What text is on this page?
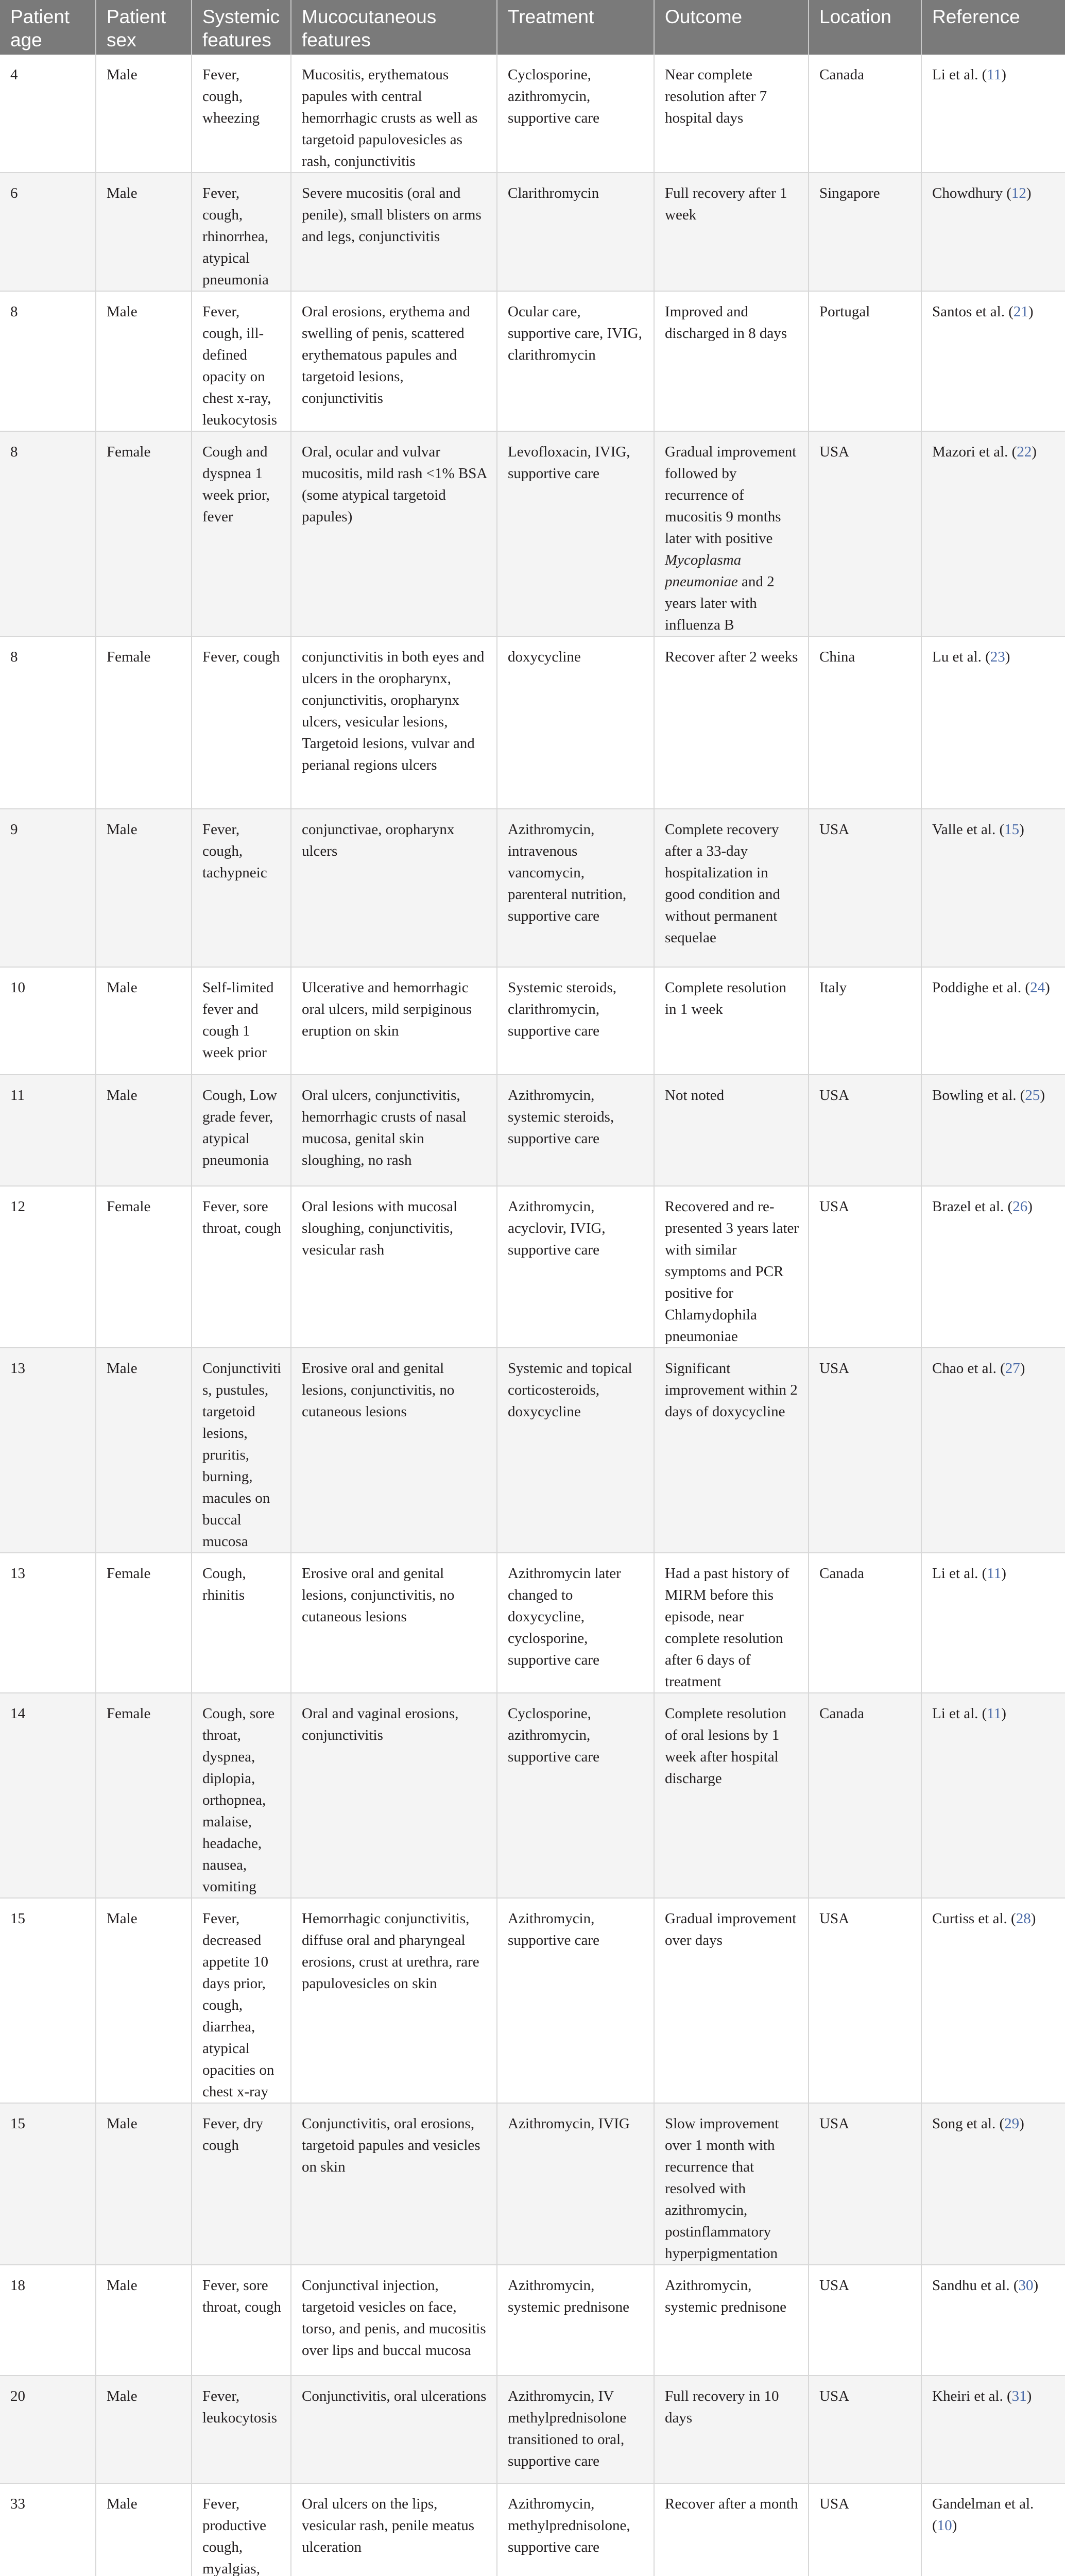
Patient age	Patient sex	Systemic features	Mucocutaneous features	Treatment	Outcome	Location	Reference
4	Male	Fever, cough, wheezing	Mucositis, erythematous papules with central hemorrhagic crusts as well as targetoid papulovesicles as rash, conjunctivitis	Cyclosporine, azithromycin, supportive care	Near complete resolution after 7 hospital days	Canada	Li et al. (11)
6	Male	Fever, cough, rhinorrhea, atypical pneumonia	Severe mucositis (oral and penile), small blisters on arms and legs, conjunctivitis	Clarithromycin	Full recovery after 1 week	Singapore	Chowdhury (12)
8	Male	Fever, cough, ill-defined opacity on chest x-ray, leukocytosis	Oral erosions, erythema and swelling of penis, scattered erythematous papules and targetoid lesions, conjunctivitis	Ocular care, supportive care, IVIG, clarithromycin	Improved and discharged in 8 days	Portugal	Santos et al. (21)
8	Female	Cough and dyspnea 1 week prior, fever	Oral, ocular and vulvar mucositis, mild rash <1% BSA (some atypical targetoid papules)	Levofloxacin, IVIG, supportive care	Gradual improvement followed by recurrence of mucositis 9 months later with positive Mycoplasma pneumoniae and 2 years later with influenza B	USA	Mazori et al. (22)
8	Female	Fever, cough	conjunctivitis in both eyes and ulcers in the oropharynx, conjunctivitis, oropharynx ulcers, vesicular lesions, Targetoid lesions, vulvar and perianal regions ulcers	doxycycline	Recover after 2 weeks	China	Lu et al. (23)
9	Male	Fever, cough, tachypneic	conjunctivae, oropharynx ulcers	Azithromycin, intravenous vancomycin, parenteral nutrition, supportive care	Complete recovery after a 33-day hospitalization in good condition and without permanent sequelae	USA	Valle et al. (15)
10	Male	Self-limited fever and cough 1 week prior	Ulcerative and hemorrhagic oral ulcers, mild serpiginous eruption on skin	Systemic steroids, clarithromycin, supportive care	Complete resolution in 1 week	Italy	Poddighe et al. (24)
11	Male	Cough, Low grade fever, atypical pneumonia	Oral ulcers, conjunctivitis, hemorrhagic crusts of nasal mucosa, genital skin sloughing, no rash	Azithromycin, systemic steroids, supportive care	Not noted	USA	Bowling et al. (25)
12	Female	Fever, sore throat, cough	Oral lesions with mucosal sloughing, conjunctivitis, vesicular rash	Azithromycin, acyclovir, IVIG, supportive care	Recovered and re-presented 3 years later with similar symptoms and PCR positive for Chlamydophila pneumoniae	USA	Brazel et al. (26)
13	Male	Conjunctivitis, pustules, targetoid lesions, pruritis, burning, macules on buccal mucosa	Erosive oral and genital lesions, conjunctivitis, no cutaneous lesions	Systemic and topical corticosteroids, doxycycline	Significant improvement within 2 days of doxycycline	USA	Chao et al. (27)
13	Female	Cough, rhinitis	Erosive oral and genital lesions, conjunctivitis, no cutaneous lesions	Azithromycin later changed to doxycycline, cyclosporine, supportive care	Had a past history of MIRM before this episode, near complete resolution after 6 days of treatment	Canada	Li et al. (11)
14	Female	Cough, sore throat, dyspnea, diplopia, orthopnea, malaise, headache, nausea, vomiting	Oral and vaginal erosions, conjunctivitis	Cyclosporine, azithromycin, supportive care	Complete resolution of oral lesions by 1 week after hospital discharge	Canada	Li et al. (11)
15	Male	Fever, decreased appetite 10 days prior, cough, diarrhea, atypical opacities on chest x-ray	Hemorrhagic conjunctivitis, diffuse oral and pharyngeal erosions, crust at urethra, rare papulovesicles on skin	Azithromycin, supportive care	Gradual improvement over days	USA	Curtiss et al. (28)
15	Male	Fever, dry cough	Conjunctivitis, oral erosions, targetoid papules and vesicles on skin	Azithromycin, IVIG	Slow improvement over 1 month with recurrence that resolved with azithromycin, postinflammatory hyperpigmentation	USA	Song et al. (29)
18	Male	Fever, sore throat, cough	Conjunctival injection, targetoid vesicles on face, torso, and penis, and mucositis over lips and buccal mucosa	Azithromycin, systemic prednisone	Azithromycin, systemic prednisone	USA	Sandhu et al. (30)
20	Male	Fever, leukocytosis	Conjunctivitis, oral ulcerations	Azithromycin, IV methylprednisolone transitioned to oral, supportive care	Full recovery in 10 days	USA	Kheiri et al. (31)
33	Male	Fever, productive cough, myalgias,	Oral ulcers on the lips, vesicular rash, penile meatus ulceration	Azithromycin, methylprednisolone, supportive care	Recover after a month	USA	Gandelman et al. (10)
